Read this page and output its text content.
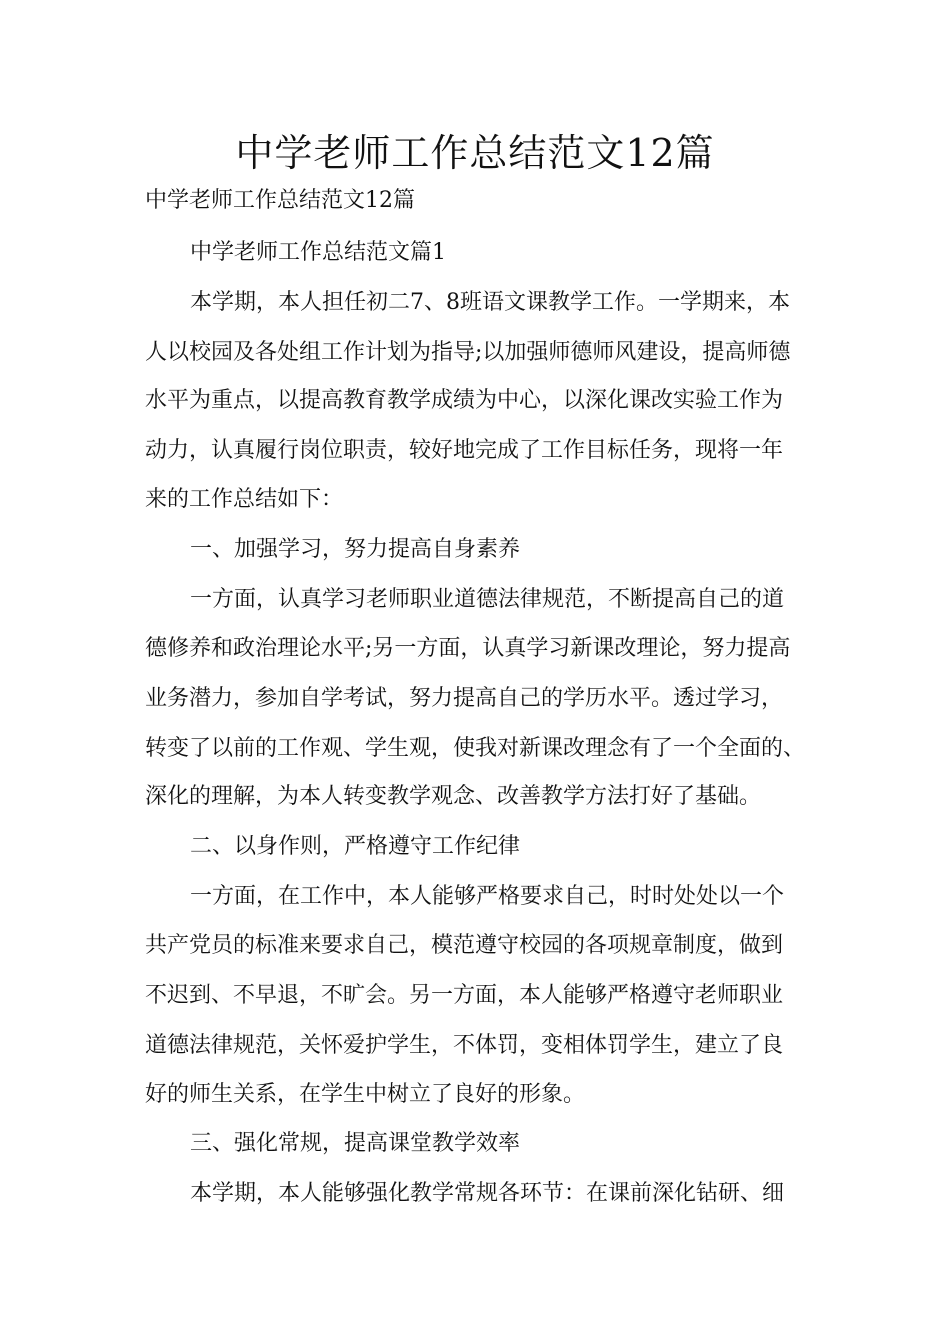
中学老师工作总结范文12篇

中学老师工作总结范文12篇

中学老师工作总结范文篇1

本学期，本人担任初二7、8班语文课教学工作。一学期来，本

人以校园及各处组工作计划为指导;以加强师德师风建设，提高师德

水平为重点，以提高教育教学成绩为中心，以深化课改实验工作为

动力，认真履行岗位职责，较好地完成了工作目标任务，现将一年

来的工作总结如下：

一、加强学习，努力提高自身素养

一方面，认真学习老师职业道德法律规范，不断提高自己的道

德修养和政治理论水平;另一方面，认真学习新课改理论，努力提高

业务潜力，参加自学考试，努力提高自己的学历水平。透过学习，

转变了以前的工作观、学生观，使我对新课改理念有了一个全面的、

深化的理解，为本人转变教学观念、改善教学方法打好了基础。

二、以身作则，严格遵守工作纪律

一方面，在工作中，本人能够严格要求自己，时时处处以一个

共产党员的标准来要求自己，模范遵守校园的各项规章制度，做到

不迟到、不早退，不旷会。另一方面，本人能够严格遵守老师职业

道德法律规范，关怀爱护学生，不体罚，变相体罚学生，建立了良

好的师生关系，在学生中树立了良好的形象。

三、强化常规，提高课堂教学效率

本学期，本人能够强化教学常规各环节：在课前深化钻研、细
